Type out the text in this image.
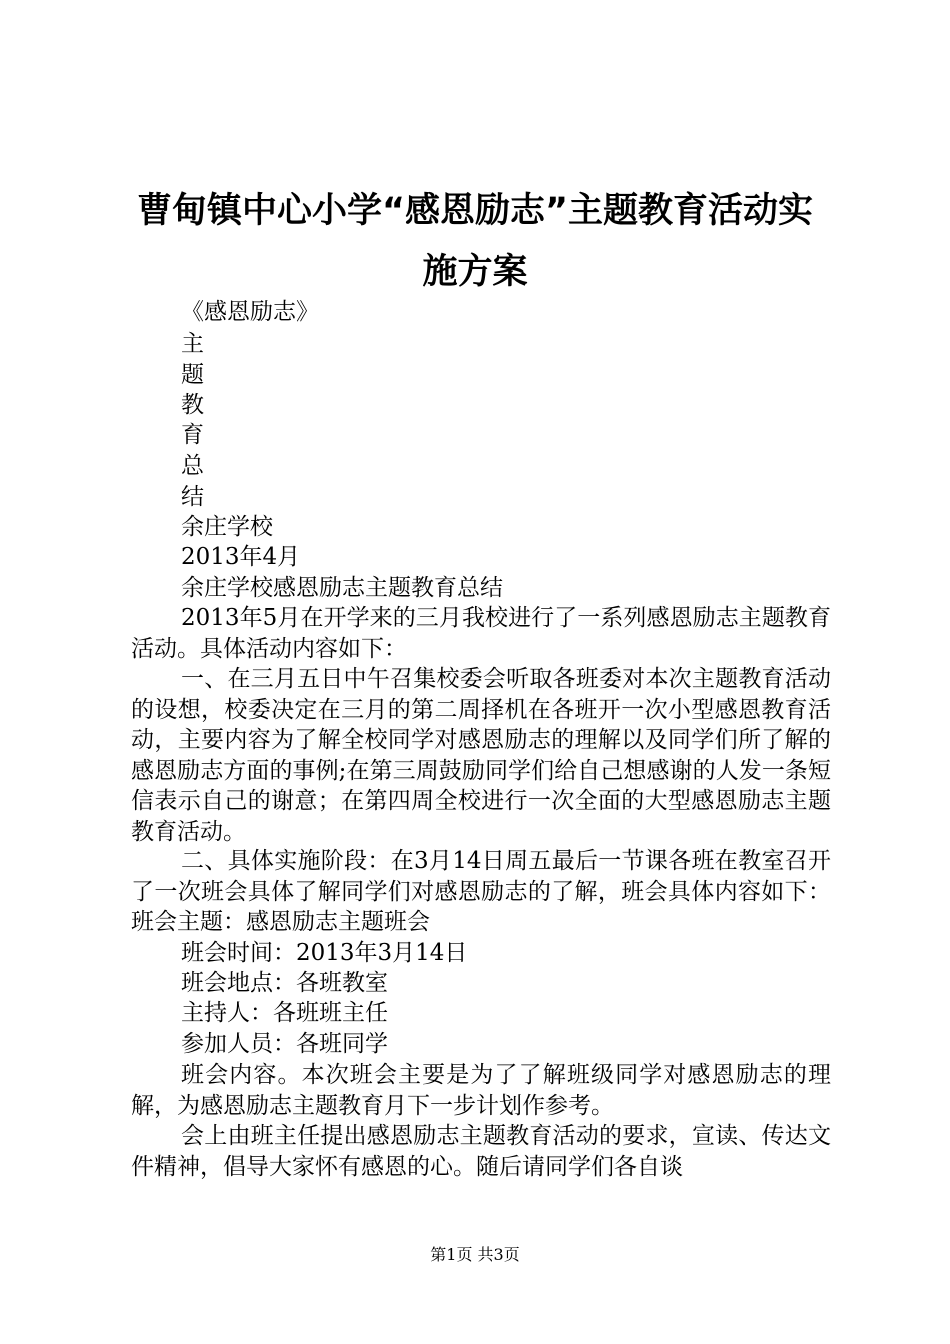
曹甸镇中心小学“感恩励志”主题教育活动实
施方案
《感恩励志》
主
题
教
育
总
结
余庄学校
2013年4月
余庄学校感恩励志主题教育总结

2013年5月在开学来的三月我校进行了一系列感恩励志主题教育活动。具体活动内容如下：

一、在三月五日中午召集校委会听取各班委对本次主题教育活动的设想，校委决定在三月的第二周择机在各班开一次小型感恩教育活动，主要内容为了解全校同学对感恩励志的理解以及同学们所了解的感恩励志方面的事例;在第三周鼓励同学们给自己想感谢的人发一条短信表示自己的谢意；在第四周全校进行一次全面的大型感恩励志主题教育活动。

二、具体实施阶段：在3月14日周五最后一节课各班在教室召开了一次班会具体了解同学们对感恩励志的了解，班会具体内容如下：班会主题：感恩励志主题班会

班会时间：2013年3月14日
班会地点：各班教室
主持人：各班班主任
参加人员：各班同学

班会内容。本次班会主要是为了了解班级同学对感恩励志的理解，为感恩励志主题教育月下一步计划作参考。

会上由班主任提出感恩励志主题教育活动的要求，宣读、传达文件精神，倡导大家怀有感恩的心。随后请同学们各自谈

第1页 共3页
